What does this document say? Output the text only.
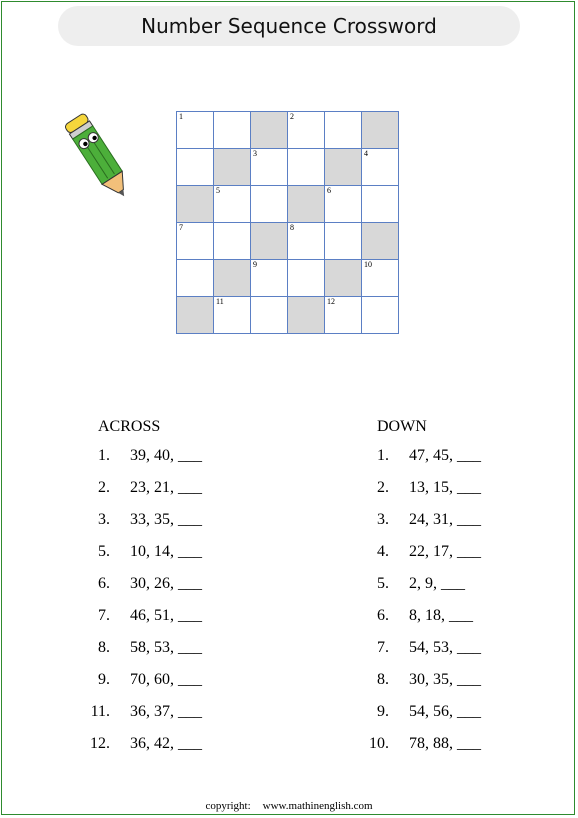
Number Sequence Crossword
1	2
3	4
5	6
7	8
9	10
11	12
ACROSS
1. 39, 40, ___
2. 23, 21, ___
3. 33, 35, ___
5. 10, 14, ___
6. 30, 26, ___
7. 46, 51, ___
8. 58, 53, ___
9. 70, 60, ___
11. 36, 37, ___
12. 36, 42, ___
DOWN
1. 47, 45, ___
2. 13, 15, ___
3. 24, 31, ___
4. 22, 17, ___
5. 2, 9, ___
6. 8, 18, ___
7. 54, 53, ___
8. 30, 35, ___
9. 54, 56, ___
10. 78, 88, ___
copyright: www.mathinenglish.com
